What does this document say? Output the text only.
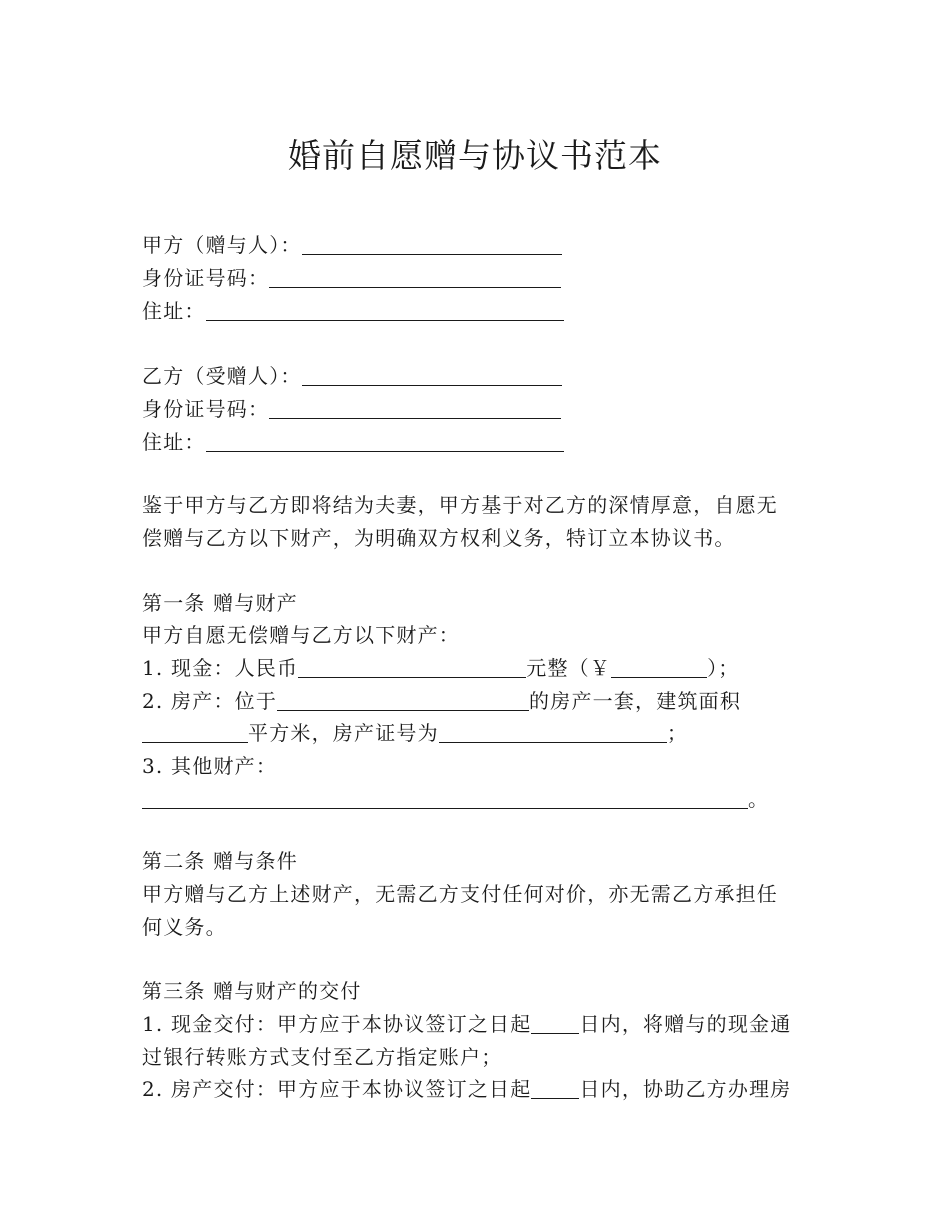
婚前自愿赠与协议书范本
甲方（赠与人）：
身份证号码：
住址：
乙方（受赠人）：
身份证号码：
住址：
鉴于甲方与乙方即将结为夫妻，甲方基于对乙方的深情厚意，自愿无
偿赠与乙方以下财产，为明确双方权利义务，特订立本协议书。
第一条 赠与财产
甲方自愿无偿赠与乙方以下财产：
1. 现金：人民币	元整（￥	）；
2. 房产：位于	的房产一套，建筑面积
平方米，房产证号为	；
3. 其他财产：
。
第二条 赠与条件
甲方赠与乙方上述财产，无需乙方支付任何对价，亦无需乙方承担任
何义务。
第三条 赠与财产的交付
1. 现金交付：甲方应于本协议签订之日起 日内，将赠与的现金通
过银行转账方式支付至乙方指定账户；
2. 房产交付：甲方应于本协议签订之日起 日内，协助乙方办理房
